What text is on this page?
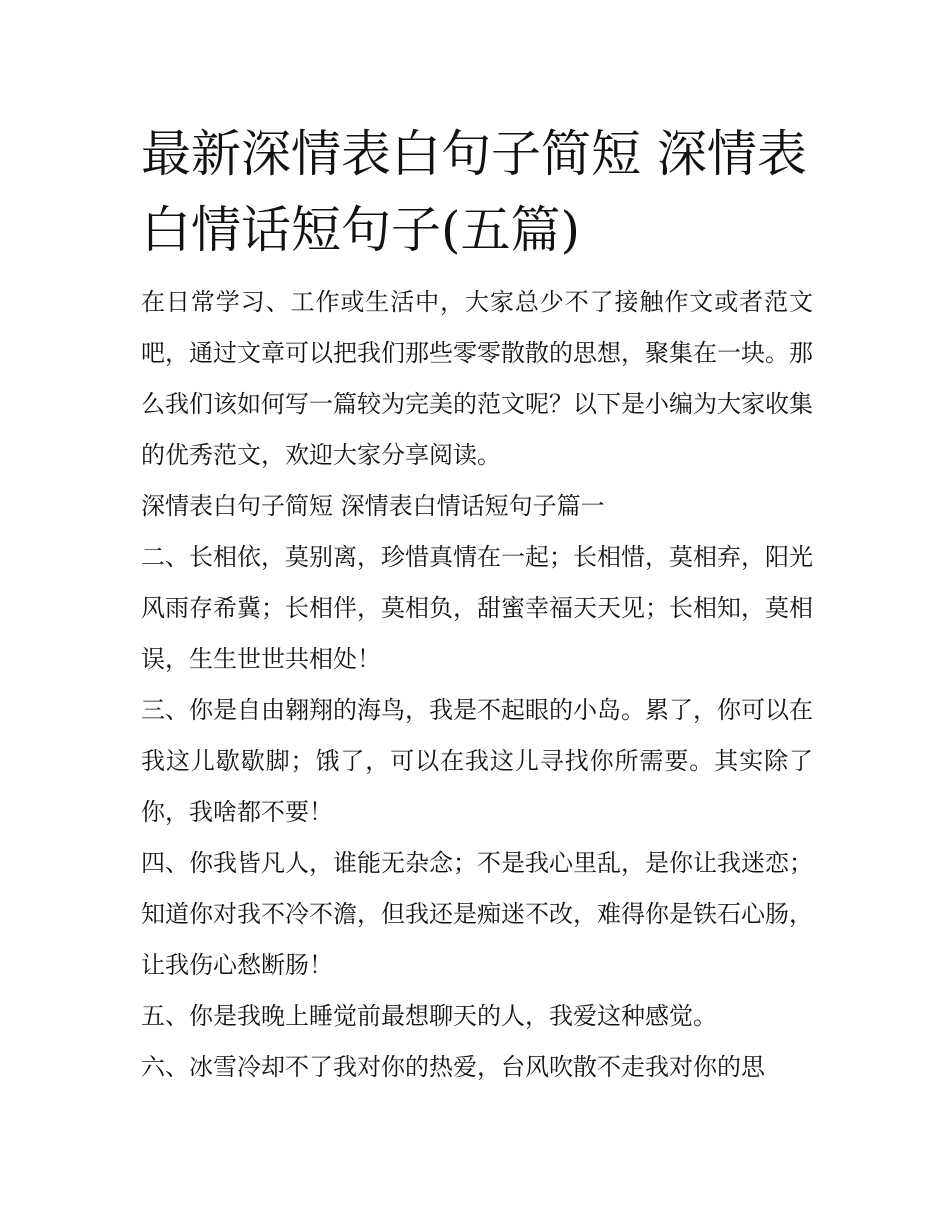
最新深情表白句子简短 深情表白情话短句子(五篇)

在日常学习、工作或生活中，大家总少不了接触作文或者范文吧，通过文章可以把我们那些零零散散的思想，聚集在一块。那么我们该如何写一篇较为完美的范文呢？以下是小编为大家收集的优秀范文，欢迎大家分享阅读。

深情表白句子简短 深情表白情话短句子篇一

二、长相依，莫别离，珍惜真情在一起；长相惜，莫相弃，阳光风雨存希冀；长相伴，莫相负，甜蜜幸福天天见；长相知，莫相误，生生世世共相处！

三、你是自由翱翔的海鸟，我是不起眼的小岛。累了，你可以在我这儿歇歇脚；饿了，可以在我这儿寻找你所需要。其实除了你，我啥都不要！

四、你我皆凡人，谁能无杂念；不是我心里乱，是你让我迷恋；知道你对我不冷不澹，但我还是痴迷不改，难得你是铁石心肠，让我伤心愁断肠！

五、你是我晚上睡觉前最想聊天的人，我爱这种感觉。

六、冰雪冷却不了我对你的热爱，台风吹散不走我对你的思
